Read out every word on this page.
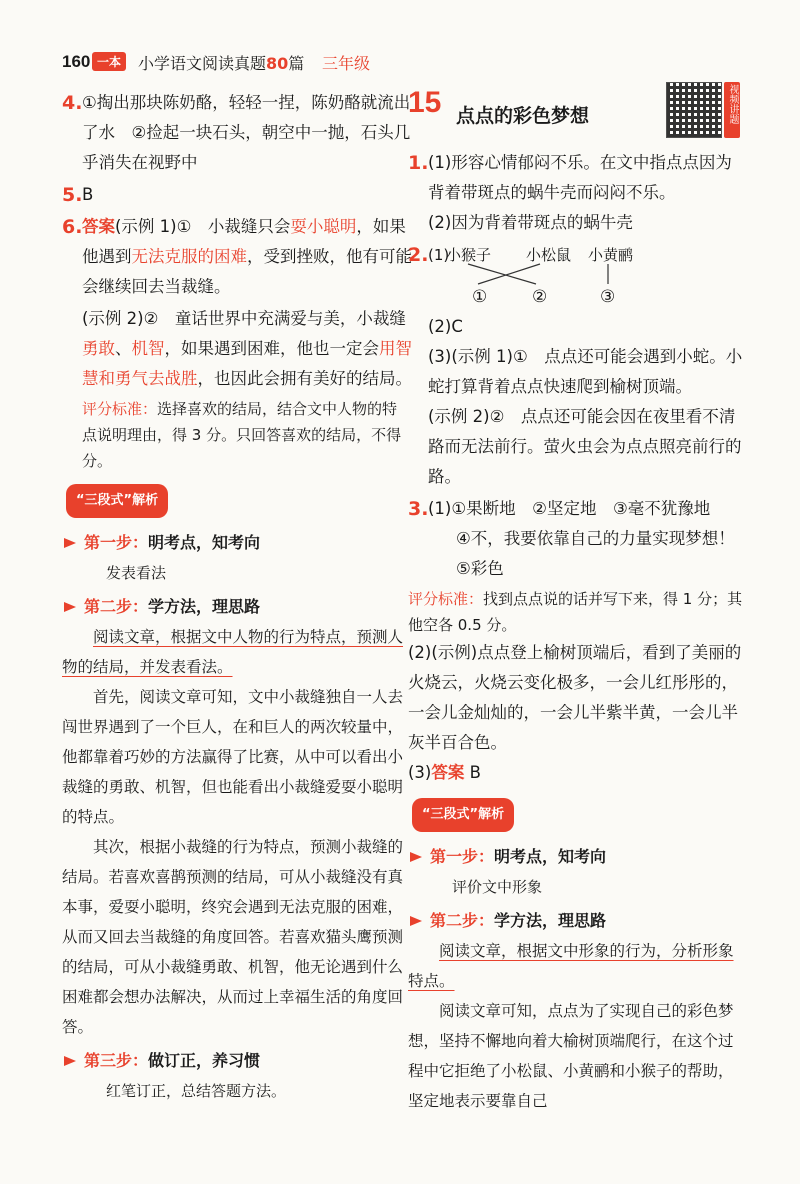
160 一本	小学语文阅读真题80篇 三年级
4. ①掏出那块陈奶酪，轻轻一捏，陈奶酪就流出了水　②捡起一块石头，朝空中一抛，石头几乎消失在视野中
5. B
6. 答案(示例 1)①　小裁缝只会耍小聪明，如果他遇到无法克服的困难，受到挫败，他有可能会继续回去当裁缝。
(示例 2)②　童话世界中充满爱与美，小裁缝勇敢、机智，如果遇到困难，他也一定会用智慧和勇气去战胜，也因此会拥有美好的结局。
评分标准：选择喜欢的结局，结合文中人物的特点说明理由，得 3 分。只回答喜欢的结局，不得分。
“三段式”解析
第一步：明考点，知考向
发表看法
第二步：学方法，理思路
阅读文章，根据文中人物的行为特点，预测人物的结局，并发表看法。
首先，阅读文章可知，文中小裁缝独自一人去闯世界遇到了一个巨人，在和巨人的两次较量中，他都靠着巧妙的方法赢得了比赛，从中可以看出小裁缝的勇敢、机智，但也能看出小裁缝爱耍小聪明的特点。
其次，根据小裁缝的行为特点，预测小裁缝的结局。若喜欢喜鹊预测的结局，可从小裁缝没有真本事，爱耍小聪明，终究会遇到无法克服的困难，从而又回去当裁缝的角度回答。若喜欢猫头鹰预测的结局，可从小裁缝勇敢、机智，他无论遇到什么困难都会想办法解决，从而过上幸福生活的角度回答。
第三步：做订正，养习惯
红笔订正，总结答题方法。
15 点点的彩色梦想	视频讲题
1. (1)形容心情郁闷不乐。在文中指点点因为背着带斑点的蜗牛壳而闷闷不乐。
(2)因为背着带斑点的蜗牛壳
2. (1)
小猴子 小松鼠 小黄鹂
①	②	③
(2)C
(3)(示例 1)①　点点还可能会遇到小蛇。小蛇打算背着点点快速爬到榆树顶端。
(示例 2)②　点点还可能会因在夜里看不清路而无法前行。萤火虫会为点点照亮前行的路。
3. (1)①果断地　②坚定地　③毫不犹豫地
④不，我要依靠自己的力量实现梦想！
⑤彩色
评分标准：找到点点说的话并写下来，得 1 分；其他空各 0.5 分。
(2)(示例)点点登上榆树顶端后，看到了美丽的火烧云，火烧云变化极多，一会儿红彤彤的，一会儿金灿灿的，一会儿半紫半黄，一会儿半灰半百合色。
(3)答案 B
“三段式”解析
第一步：明考点，知考向
评价文中形象
第二步：学方法，理思路
阅读文章，根据文中形象的行为，分析形象特点。
阅读文章可知，点点为了实现自己的彩色梦想，坚持不懈地向着大榆树顶端爬行，在这个过程中它拒绝了小松鼠、小黄鹂和小猴子的帮助，坚定地表示要靠自己
